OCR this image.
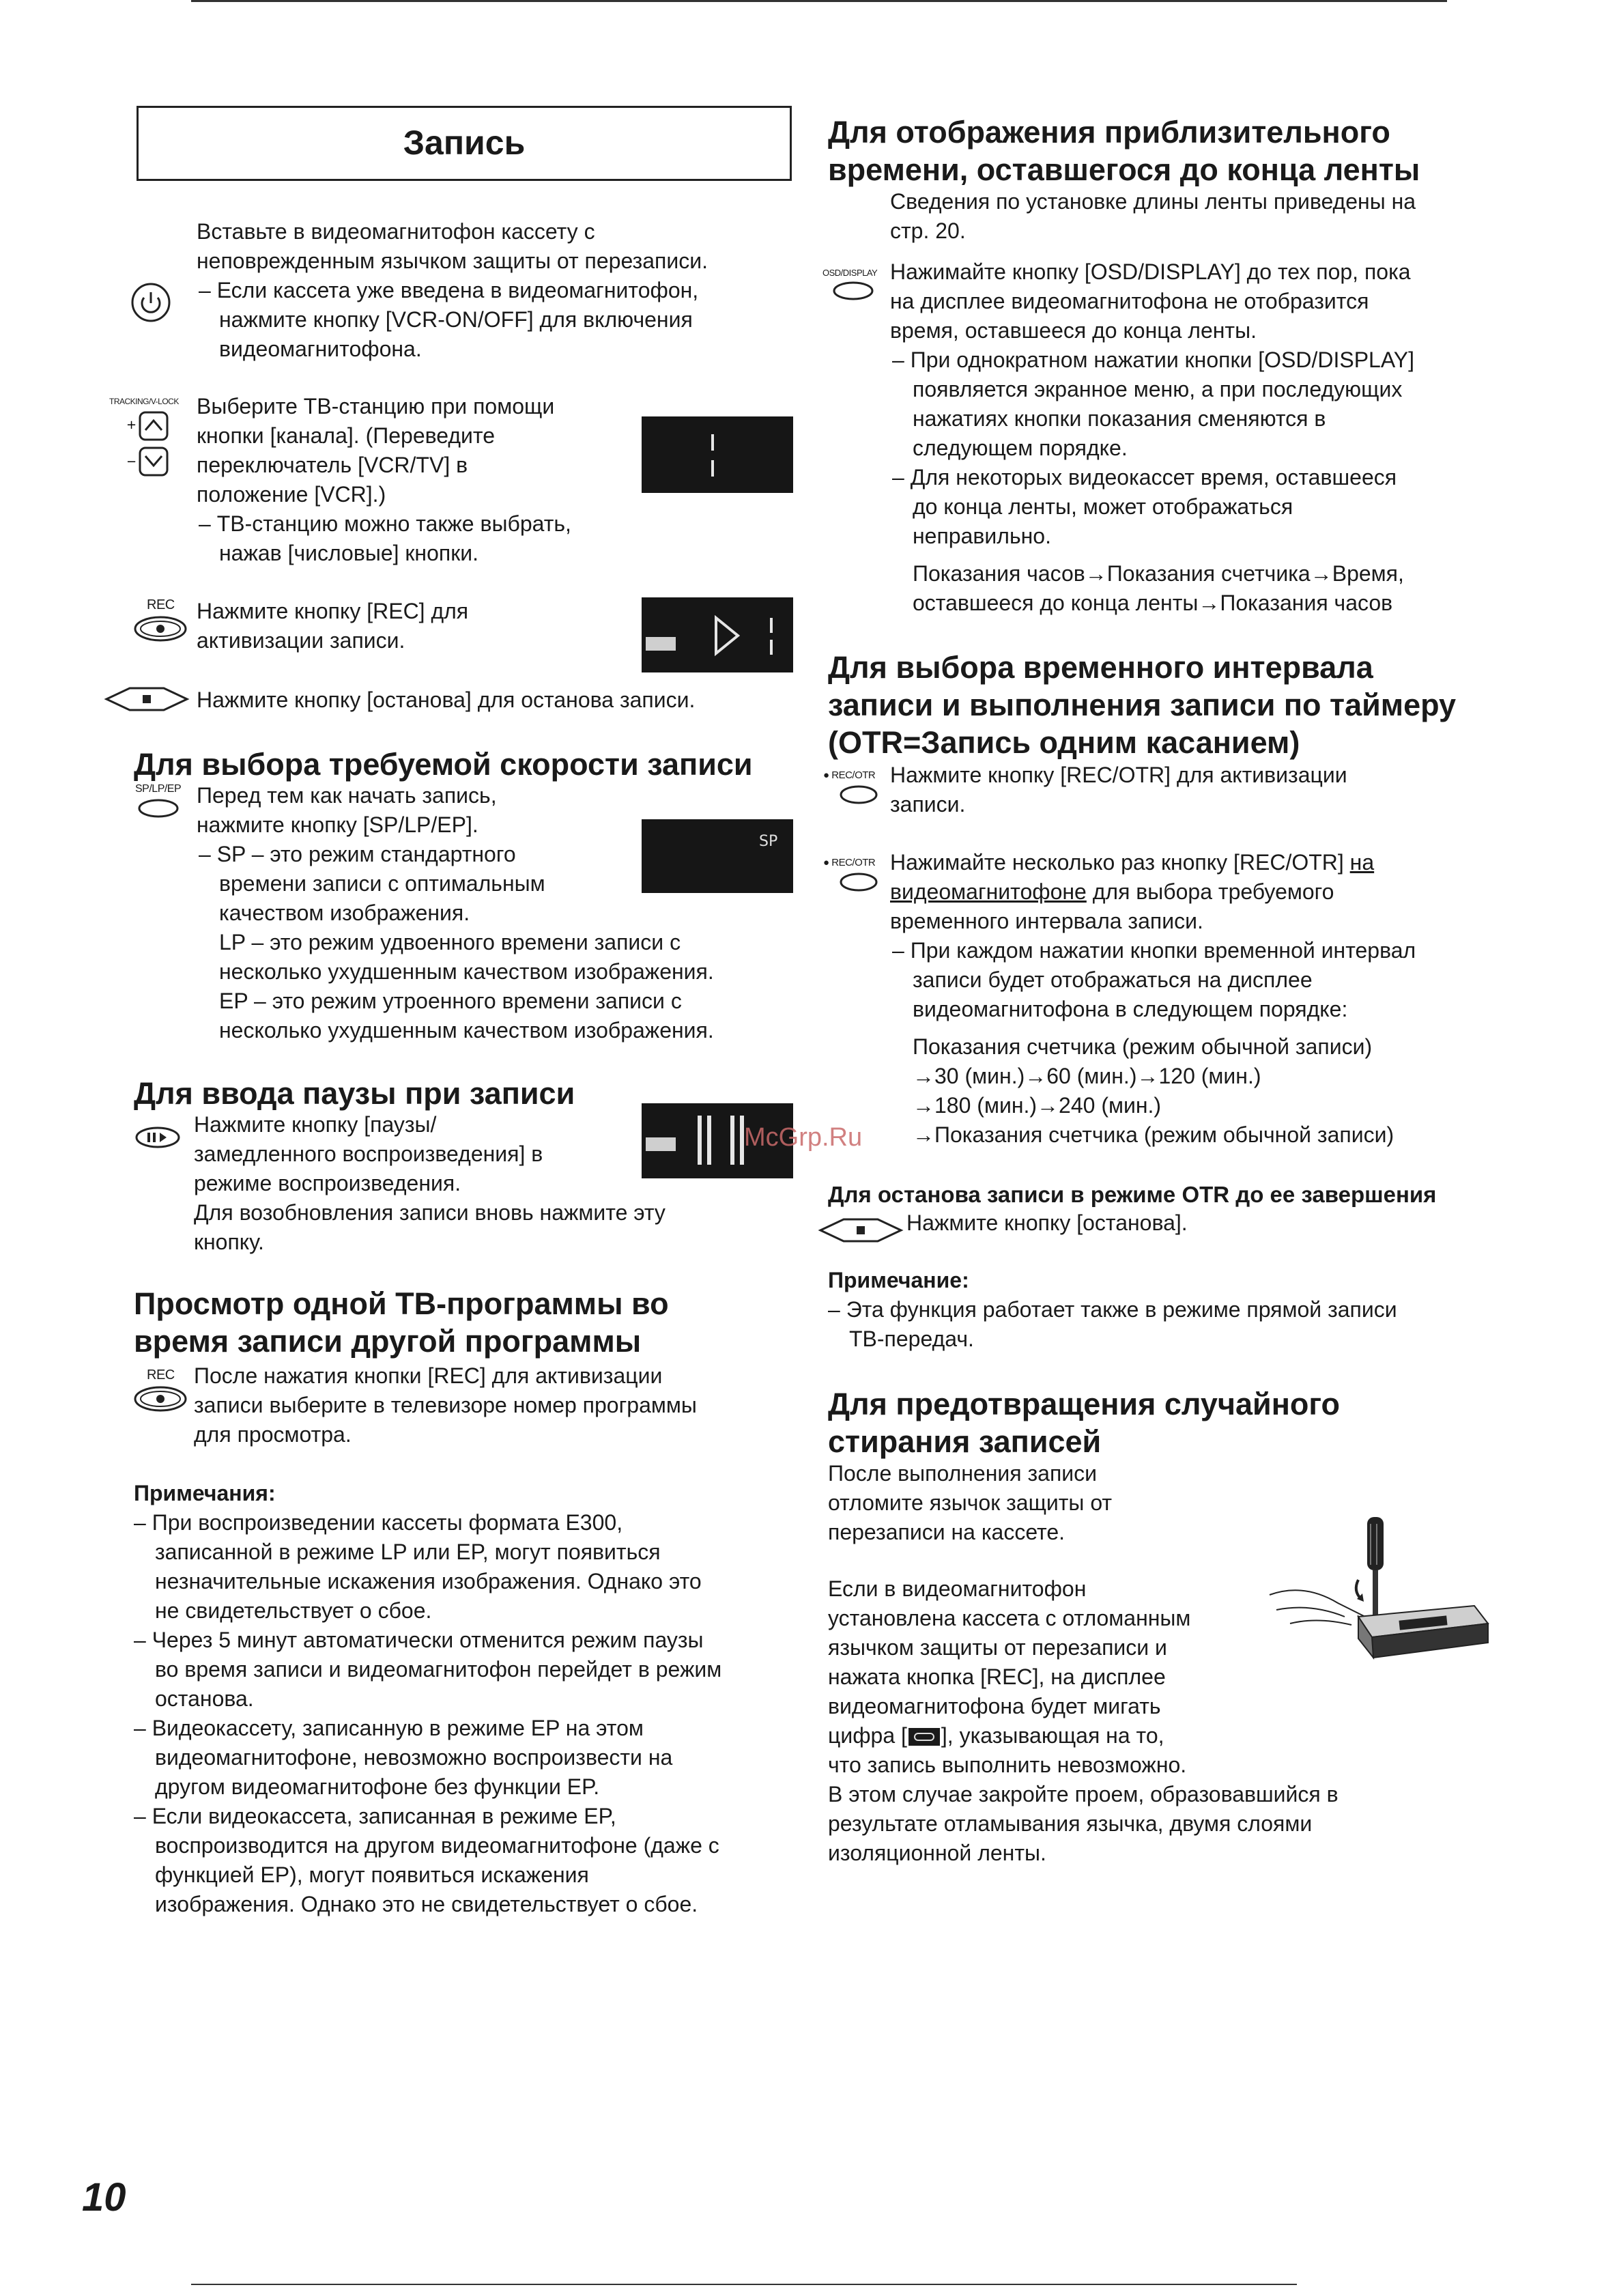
Запись

Вставьте в видеомагнитофон кассету с

неповрежденным язычком защиты от перезаписи.

– Если кассета уже введена в видеомагнитофон,

нажмите кнопку [VCR-ON/OFF] для включения

видеомагнитофона.

TRACKING/V-LOCK
+
−

Выберите ТВ-станцию при помощи

кнопки [канала]. (Переведите

переключатель [VCR/TV] в

положение [VCR].)

– ТВ-станцию можно также выбрать,

нажав [числовые] кнопки.

REC Нажмите кнопку [REC] для

активизации записи.

Нажмите кнопку [останова] для останова записи.

Для выбора требуемой скорости записи
SP/LP/EP Перед тем как начать запись,

нажмите кнопку [SP/LP/EP].

– SP – это режим стандартного

времени записи с оптимальным

качеством изображения.

LP – это режим удвоенного времени записи с

несколько ухудшенным качеством изображения.

EP – это режим утроенного времени записи с

несколько ухудшенным качеством изображения.

SP
Для ввода паузы при записи

Нажмите кнопку [паузы/

замедленного воспроизведения] в

режиме воспроизведения.

Для возобновления записи вновь нажмите эту

кнопку.

McGrp.Ru
Просмотр одной ТВ-программы во
время записи другой программы
REC После нажатия кнопки [REC] для активизации

записи выберите в телевизоре номер программы

для просмотра.

Примечания:

– При воспроизведении кассеты формата E300,

записанной в режиме LP или EP, могут появиться

незначительные искажения изображения. Однако это

не свидетельствует о сбое.

– Через 5 минут автоматически отменится режим паузы

во время записи и видеомагнитофон перейдет в режим

останова.

– Видеокассету, записанную в режиме EP на этом

видеомагнитофоне, невозможно воспроизвести на

другом видеомагнитофоне без функции EP.

– Если видеокассета, записанная в режиме EP,

воспроизводится на другом видеомагнитофоне (даже с

функцией EP), могут появиться искажения

изображения. Однако это не свидетельствует о сбое.

10
Для отображения приблизительного
времени, оставшегося до конца ленты

Сведения по установке длины ленты приведены на

стр. 20.

OSD/DISPLAY Нажимайте кнопку [OSD/DISPLAY] до тех пор, пока

на дисплее видеомагнитофона не отобразится

время, оставшееся до конца ленты.

– При однократном нажатии кнопки [OSD/DISPLAY]

появляется экранное меню, а при последующих

нажатиях кнопки показания сменяются в

следующем порядке.

– Для некоторых видеокассет время, оставшееся

до конца ленты, может отображаться

неправильно.

Показания часов→Показания счетчика→Время,

оставшееся до конца ленты→Показания часов

Для выбора временного интервала
записи и выполнения записи по таймеру
(OTR=Запись одним касанием)
● REC/OTR Нажмите кнопку [REC/OTR] для активизации

записи.

● REC/OTR Нажимайте несколько раз кнопку [REC/OTR] на

видеомагнитофоне для выбора требуемого

временного интервала записи.

– При каждом нажатии кнопки временной интервал

записи будет отображаться на дисплее

видеомагнитофона в следующем порядке:

Показания счетчика (режим обычной записи)

→30 (мин.)→60 (мин.)→120 (мин.)

→180 (мин.)→240 (мин.)

→Показания счетчика (режим обычной записи)

Для останова записи в режиме OTR до ее завершения

Нажмите кнопку [останова].

Примечание:

– Эта функция работает также в режиме прямой записи

ТВ-передач.

Для предотвращения случайного
стирания записей

После выполнения записи

отломите язычок защиты от

перезаписи на кассете.

Если в видеомагнитофон

установлена кассета с отломанным

язычком защиты от перезаписи и

нажата кнопка [REC], на дисплее

видеомагнитофона будет мигать

цифра [ ], указывающая на то,

что запись выполнить невозможно.

В этом случае закройте проем, образовавшийся в

результате отламывания язычка, двумя слоями

изоляционной ленты.
